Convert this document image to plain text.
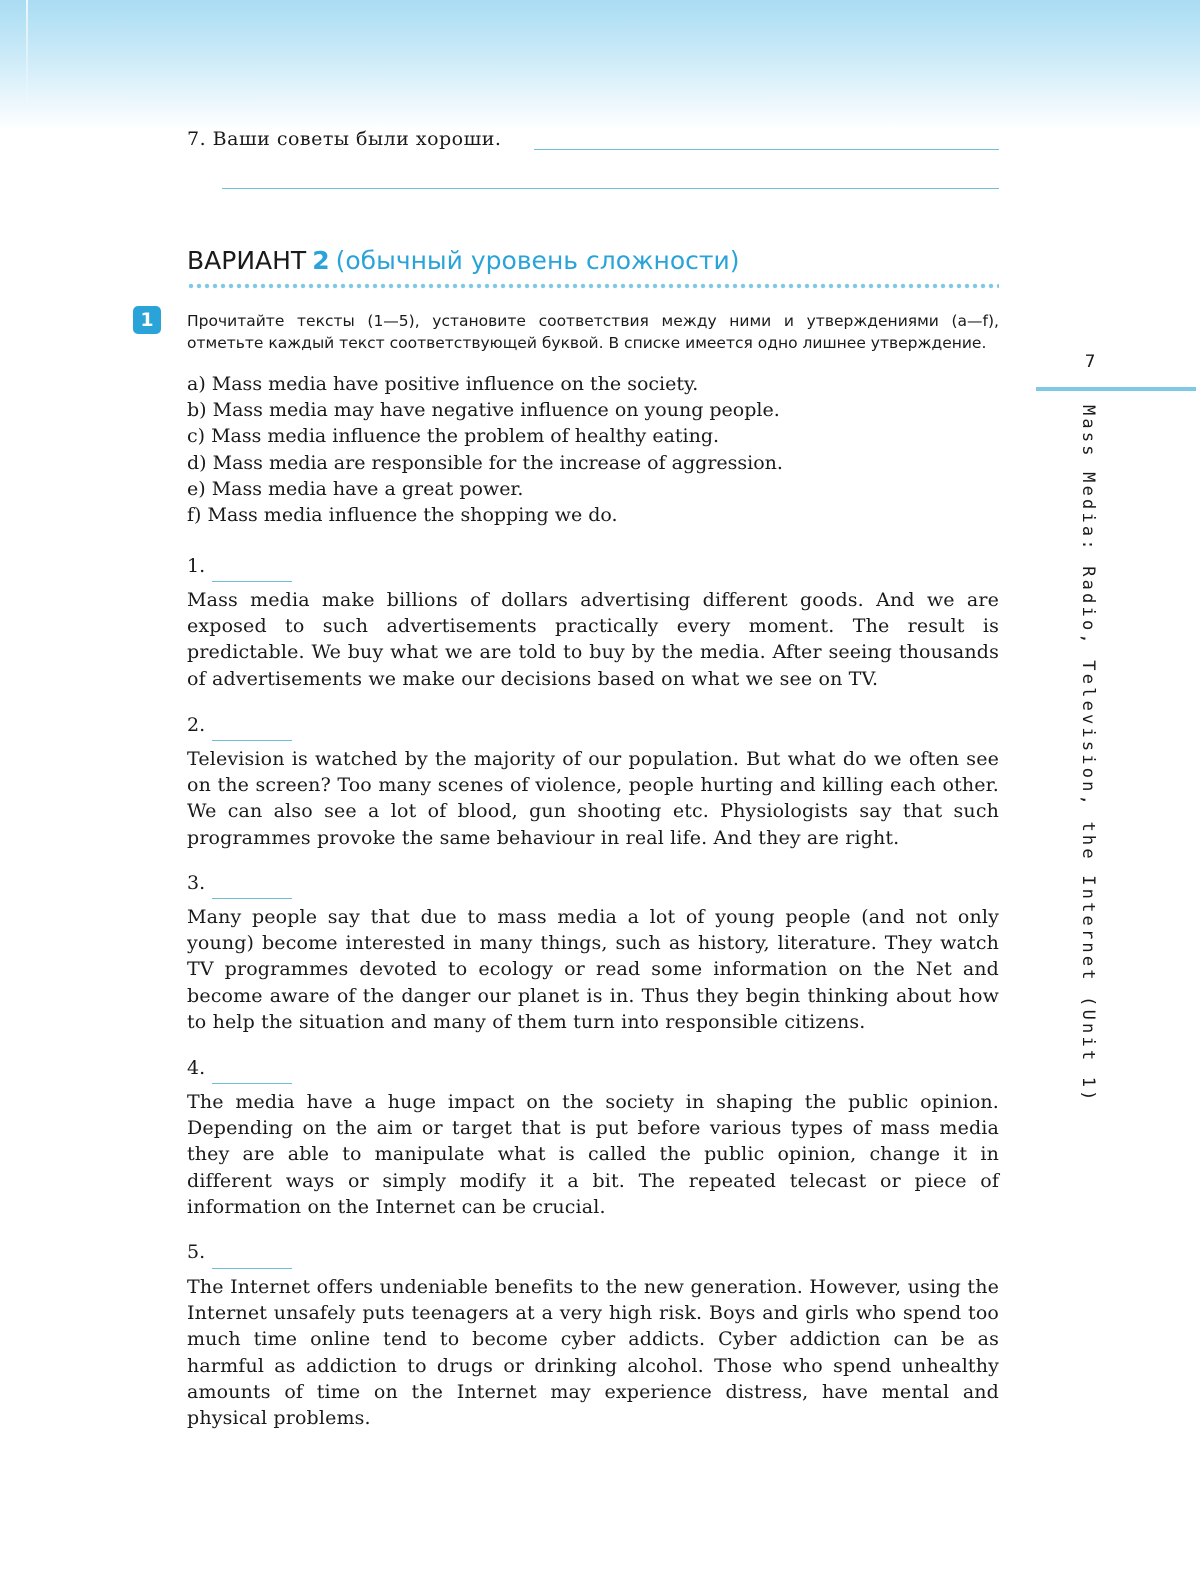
7. Ваши советы были хороши.
ВАРИАНТ 2 (обычный уровень сложности)
1	Прочитайте тексты (1—5), установите соответствия между ними и утверждениями (a—f), отметьте каждый текст соответствующей буквой. В списке имеется одно лишнее утверждение.
a) Mass media have positive influence on the society.
b) Mass media may have negative influence on young people.
c) Mass media influence the problem of healthy eating.
d) Mass media are responsible for the increase of aggression.
e) Mass media have a great power.
f) Mass media influence the shopping we do.
1.

Mass media make billions of dollars advertising different goods. And we are exposed to such advertisements practically every moment. The result is predictable. We buy what we are told to buy by the media. After seeing thousands of advertisements we make our decisions based on what we see on TV.

2.

Television is watched by the majority of our population. But what do we often see on the screen? Too many scenes of violence, people hurting and killing each other. We can also see a lot of blood, gun shooting etc. Physiologists say that such programmes provoke the same behaviour in real life. And they are right.

3.

Many people say that due to mass media a lot of young people (and not only young) become interested in many things, such as history, literature. They watch TV programmes devoted to ecology or read some information on the Net and become aware of the danger our planet is in. Thus they begin thinking about how to help the situation and many of them turn into responsible citizens.

4.

The media have a huge impact on the society in shaping the public opinion. Depending on the aim or target that is put before various types of mass media they are able to manipulate what is called the public opinion, change it in different ways or simply modify it a bit. The repeated telecast or piece of information on the Internet can be crucial.

5.

The Internet offers undeniable benefits to the new generation. However, using the Internet unsafely puts teenagers at a very high risk. Boys and girls who spend too much time online tend to become cyber addicts. Cyber addiction can be as harmful as addiction to drugs or drinking alcohol. Those who spend unhealthy amounts of time on the Internet may experience distress, have mental and physical problems.

7
Mass Media: Radio, Television, the Internet (Unit 1)
